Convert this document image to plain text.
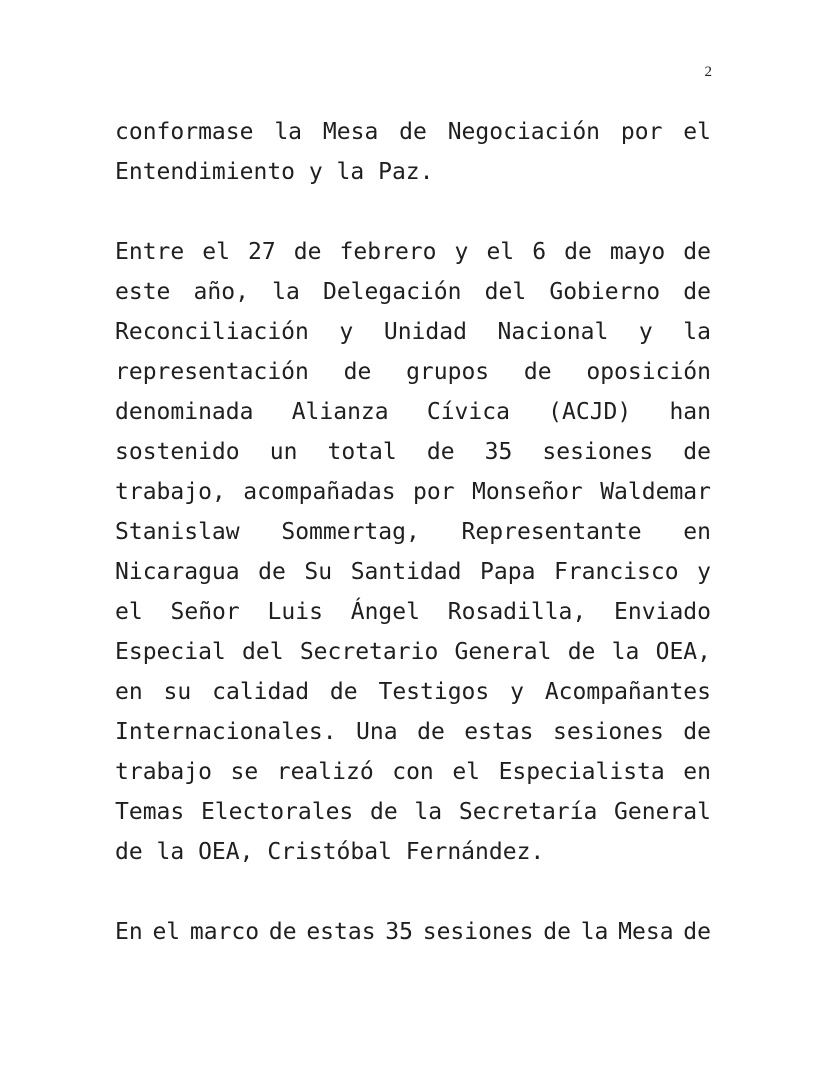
2
conformase la Mesa de Negociación por el
Entendimiento y la Paz.
Entre el 27 de febrero y el 6 de mayo de
este año, la Delegación del Gobierno de
Reconciliación y Unidad Nacional y la
representación de grupos de oposición
denominada Alianza Cívica (ACJD) han
sostenido un total de 35 sesiones de
trabajo, acompañadas por Monseñor Waldemar
Stanislaw Sommertag, Representante en
Nicaragua de Su Santidad Papa Francisco y
el Señor Luis Ángel Rosadilla, Enviado
Especial del Secretario General de la OEA,
en su calidad de Testigos y Acompañantes
Internacionales. Una de estas sesiones de
trabajo se realizó con el Especialista en
Temas Electorales de la Secretaría General
de la OEA, Cristóbal Fernández.
En el marco de estas 35 sesiones de la Mesa de
